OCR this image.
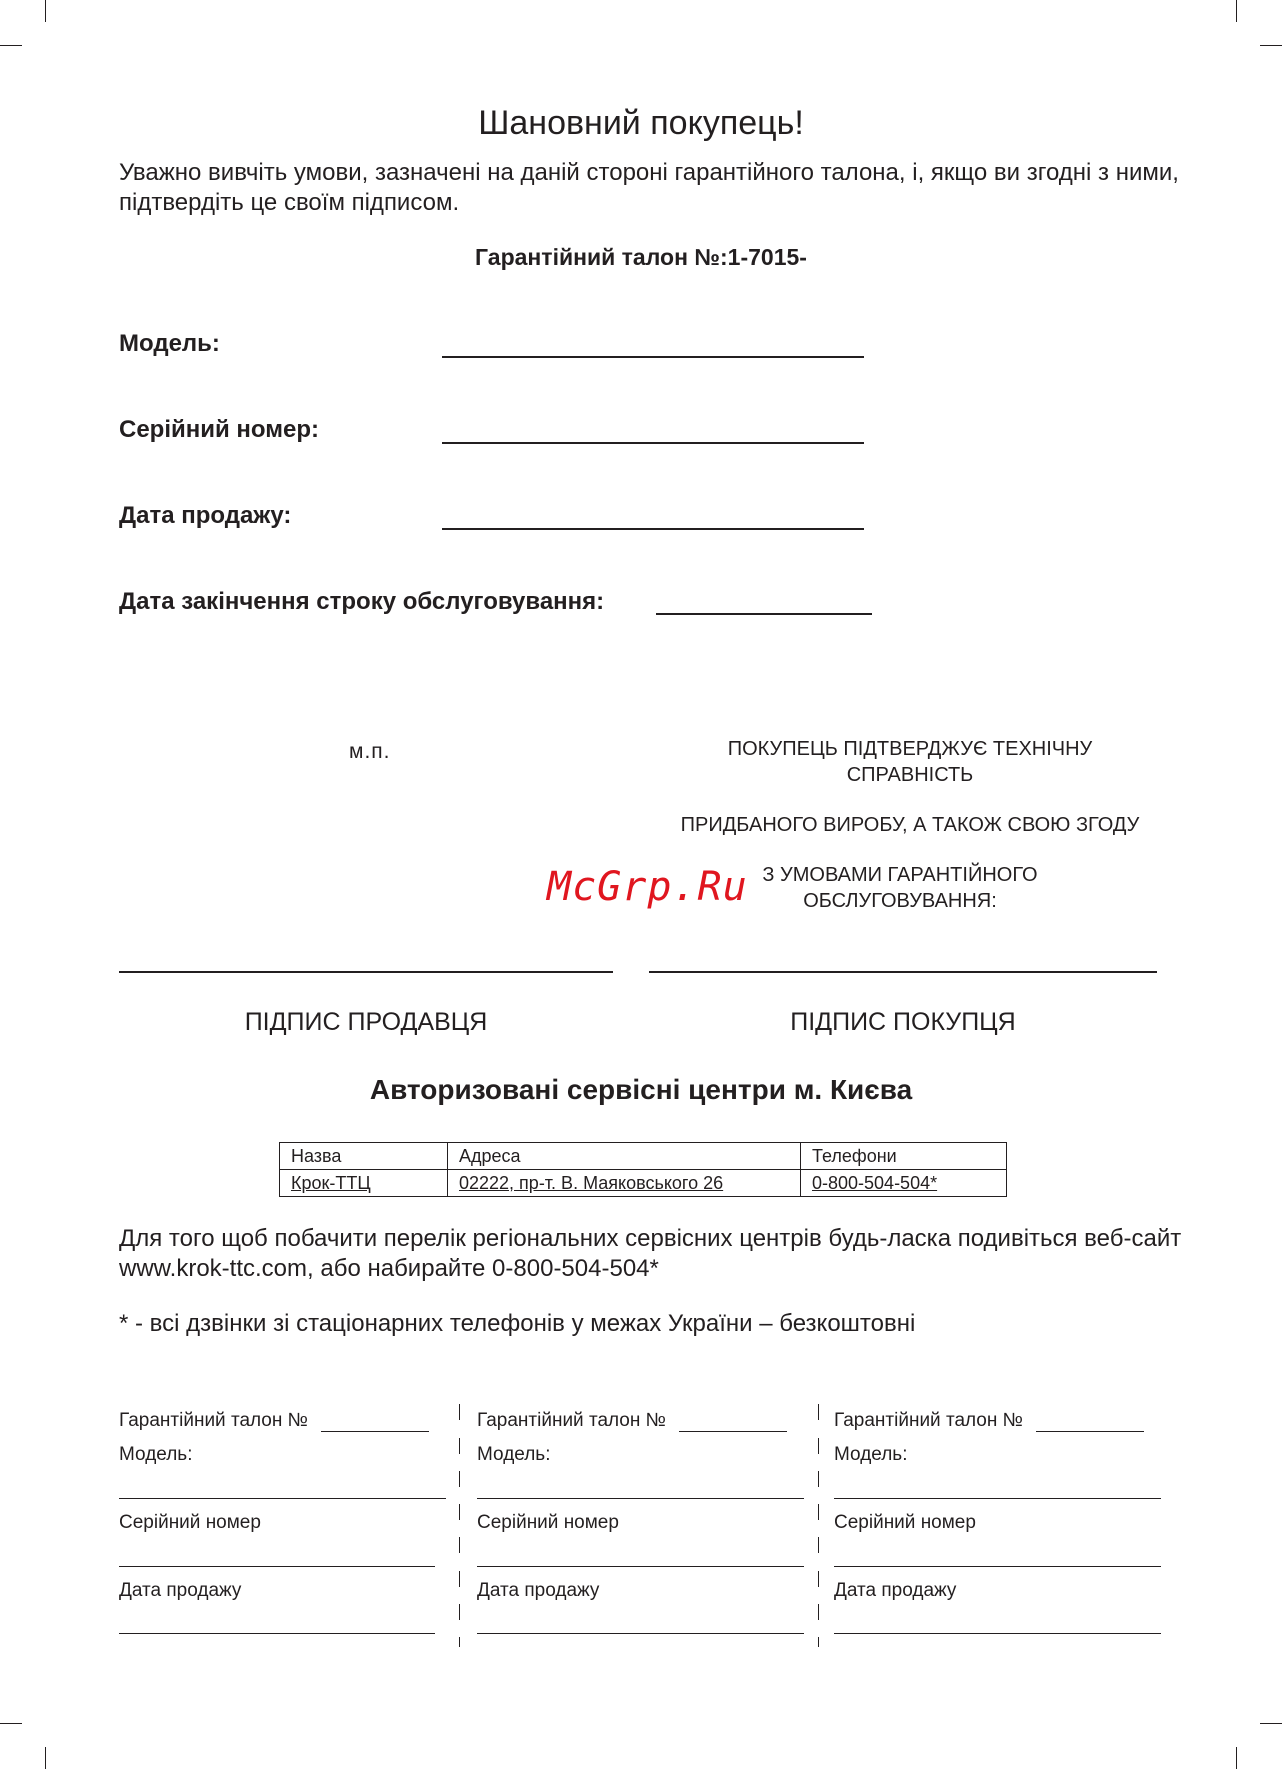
Шановний покупець!
Уважно вивчіть умови, зазначені на даній стороні гарантійного талона, і, якщо ви згодні з ними, підтвердіть це своїм підписом.
Гарантійний талон №:1-7015-
Модель:
Серійний номер:
Дата продажу:
Дата закінчення строку обслуговування:
м.п.	ПОКУПЕЦЬ ПІДТВЕРДЖУЄ ТЕХНІЧНУ
СПРАВНІСТЬ
ПРИДБАНОГО ВИРОБУ, А ТАКОЖ СВОЮ ЗГОДУ
З УМОВАМИ ГАРАНТІЙНОГО
ОБСЛУГОВУВАННЯ:
McGrp.Ru
ПІДПИС ПРОДАВЦЯ	ПІДПИС ПОКУПЦЯ
Авторизовані сервісні центри м. Києва
Назва	Адреса	Телефони
Крок-ТТЦ	02222, пр-т. В. Маяковського 26	0-800-504-504*
Для того щоб побачити перелік регіональних сервісних центрів будь-ласка подивіться веб-сайт www.krok-ttc.com, або набирайте 0-800-504-504*
* - всі дзвінки зі стаціонарних телефонів у межах України – безкоштовні
Гарантійний талон №
Модель:
Серійний номер
Дата продажу
Гарантійний талон №
Модель:
Серійний номер
Дата продажу
Гарантійний талон №
Модель:
Серійний номер
Дата продажу
